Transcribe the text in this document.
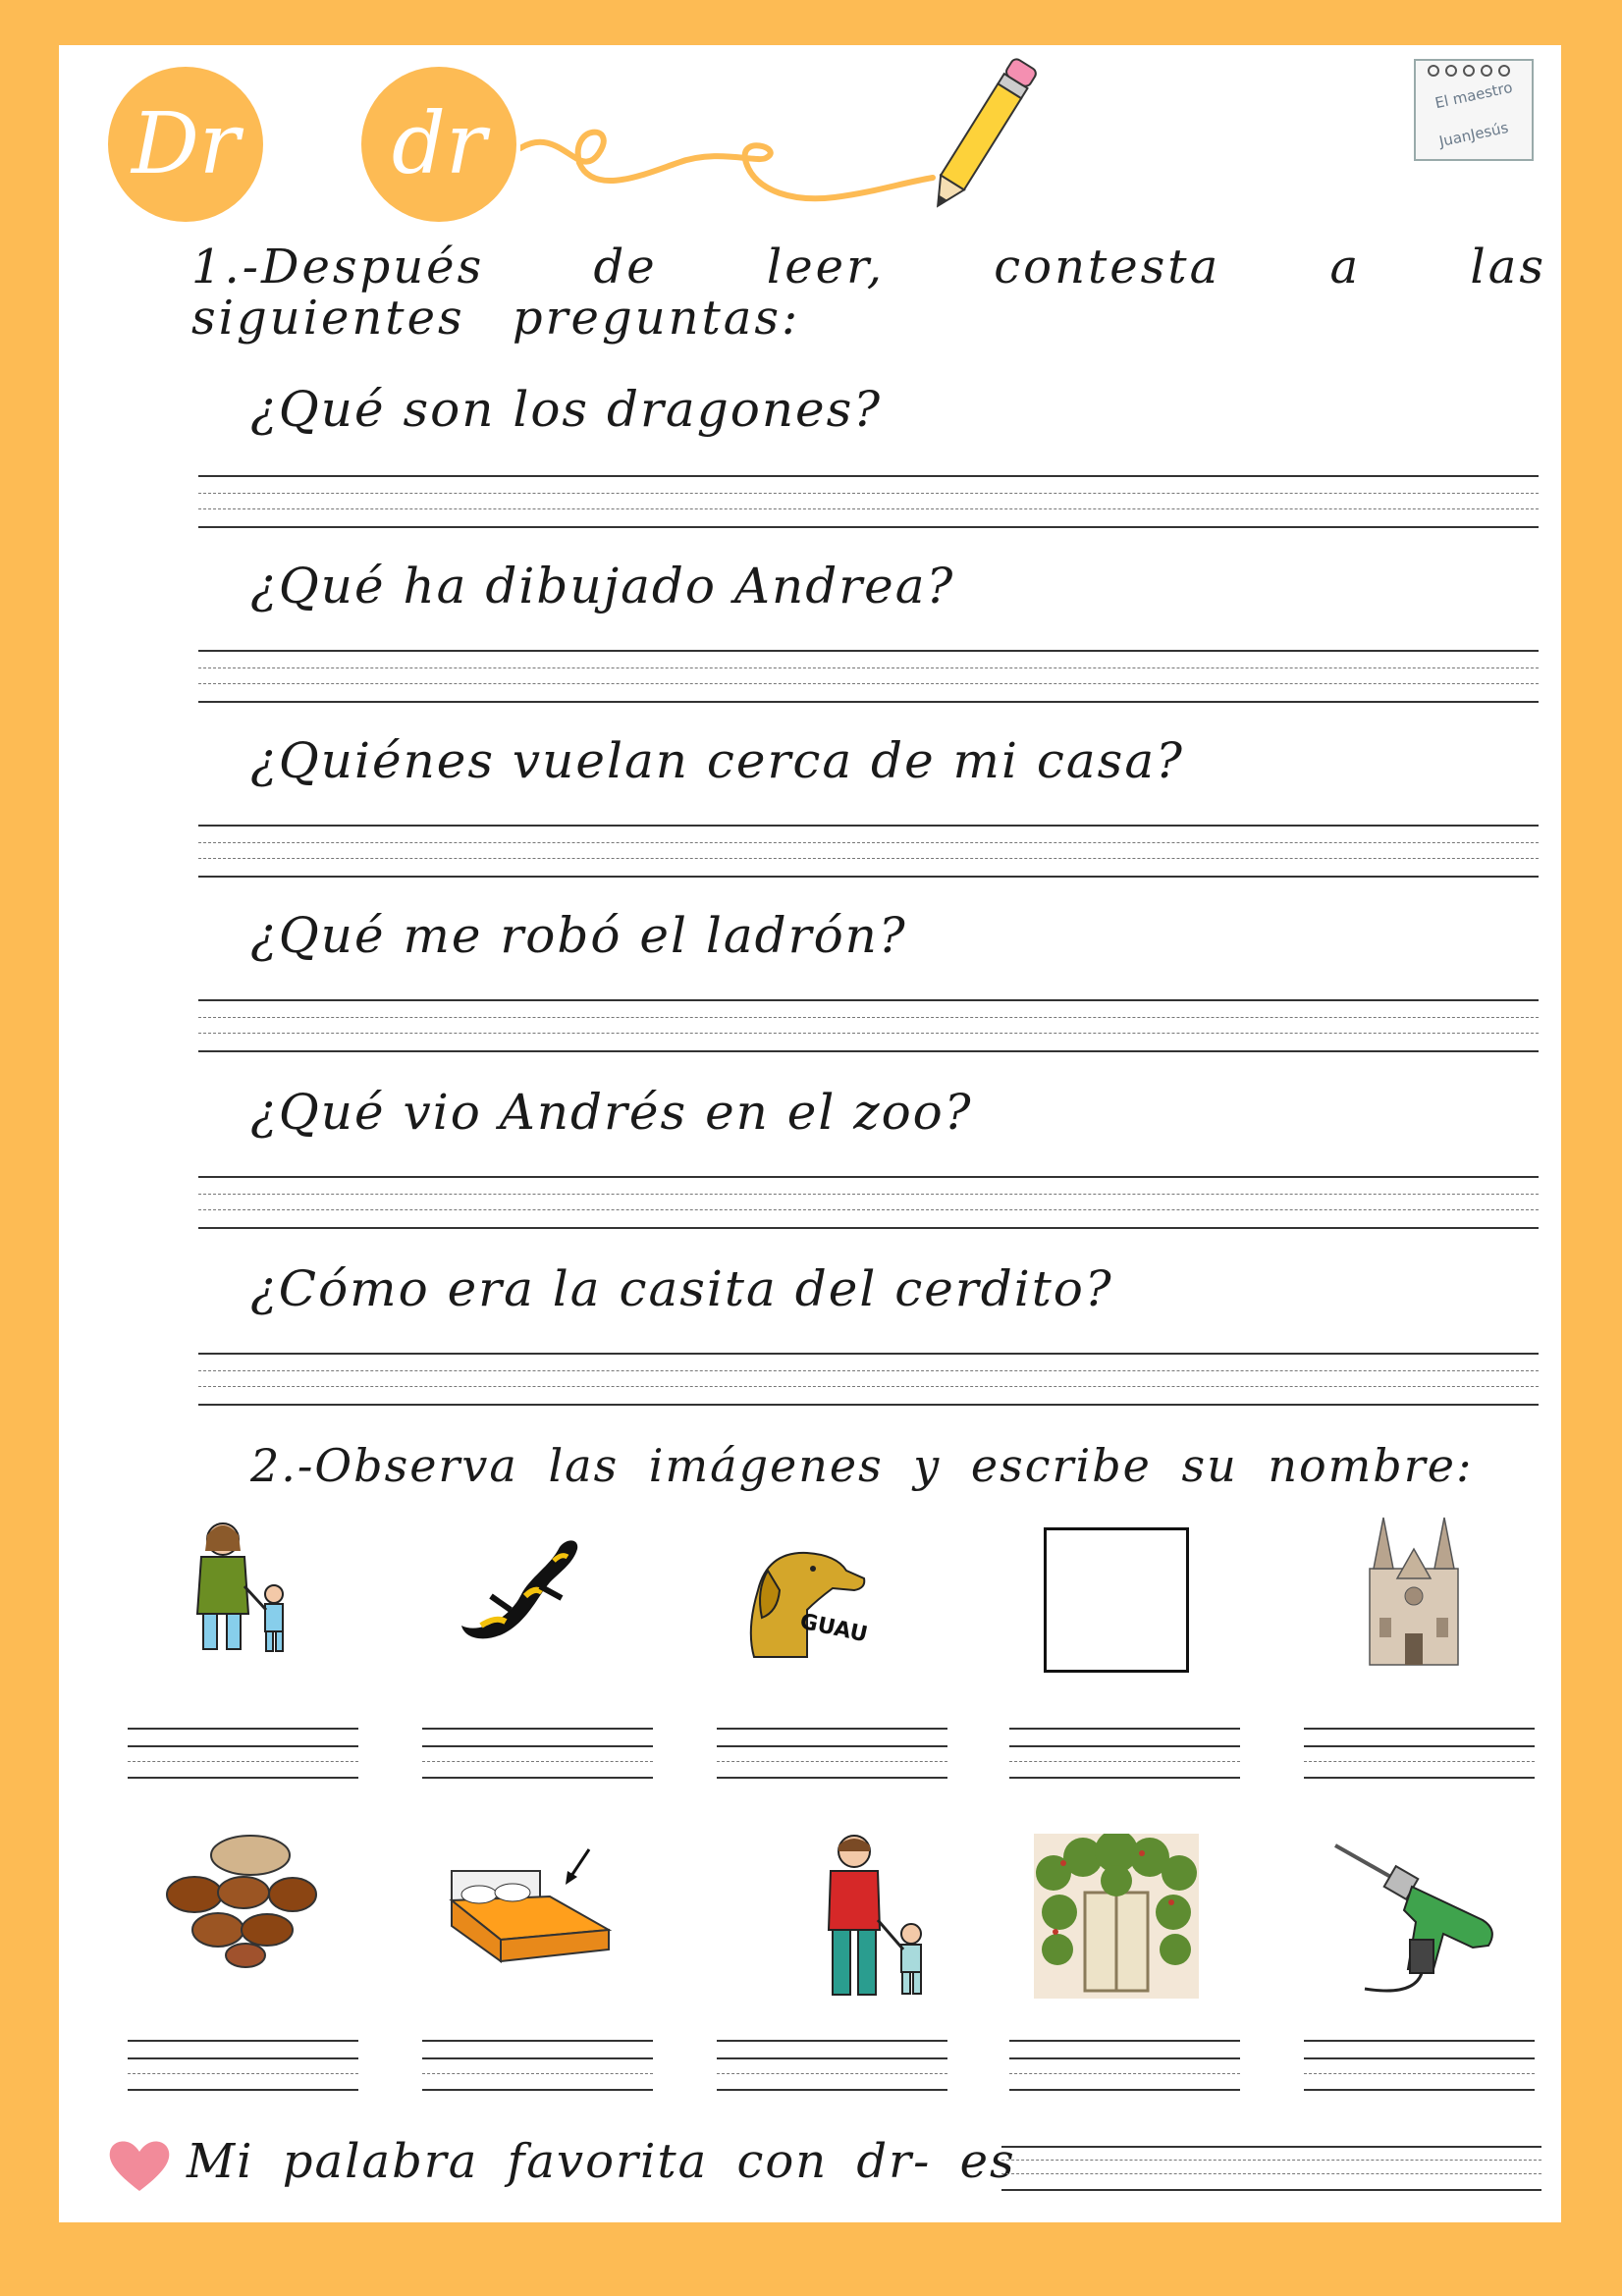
Dr dr	El maestro
JuanJesús
1.-Después de leer, contesta a las siguientes preguntas:
¿Qué son los dragones?
¿Qué ha dibujado Andrea?
¿Quiénes vuelan cerca de mi casa?
¿Qué me robó el ladrón?
¿Qué vio Andrés en el zoo?
¿Cómo era la casita del cerdito?
2.-Observa las imágenes y escribe su nombre:
GUAU
Mi palabra favorita con dr- es
